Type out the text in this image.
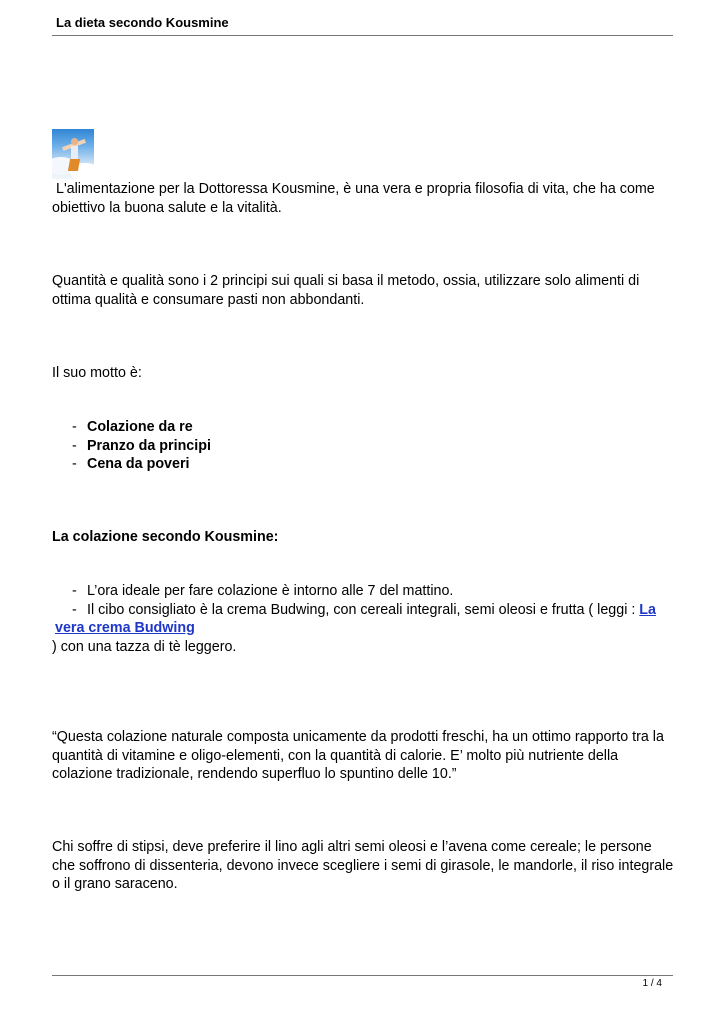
La dieta secondo Kousmine
L'alimentazione per la Dottoressa Kousmine, è una vera e propria filosofia di vita, che ha come obiettivo la buona salute e la vitalità.
Quantità e qualità sono i 2 principi sui quali si basa il metodo, ossia, utilizzare solo alimenti di ottima qualità e consumare pasti non abbondanti.
Il suo motto è:
- Colazione da re
- Pranzo da principi
- Cena da poveri
La colazione secondo Kousmine:
- L’ora ideale per fare colazione è intorno alle 7 del mattino.
- Il cibo consigliato è la crema Budwing, con cereali integrali, semi oleosi e frutta ( leggi : La
vera crema Budwing
) con una tazza di tè leggero.
“Questa colazione naturale composta unicamente da prodotti freschi, ha un ottimo rapporto tra la quantità di vitamine e oligo-elementi, con la quantità di calorie. E’ molto più nutriente della colazione tradizionale, rendendo superfluo lo spuntino delle 10.”
Chi soffre di stipsi, deve preferire il lino agli altri semi oleosi e l’avena come cereale; le persone che soffrono di dissenteria, devono invece scegliere i semi di girasole, le mandorle, il riso integrale o il grano saraceno.
1 / 4
